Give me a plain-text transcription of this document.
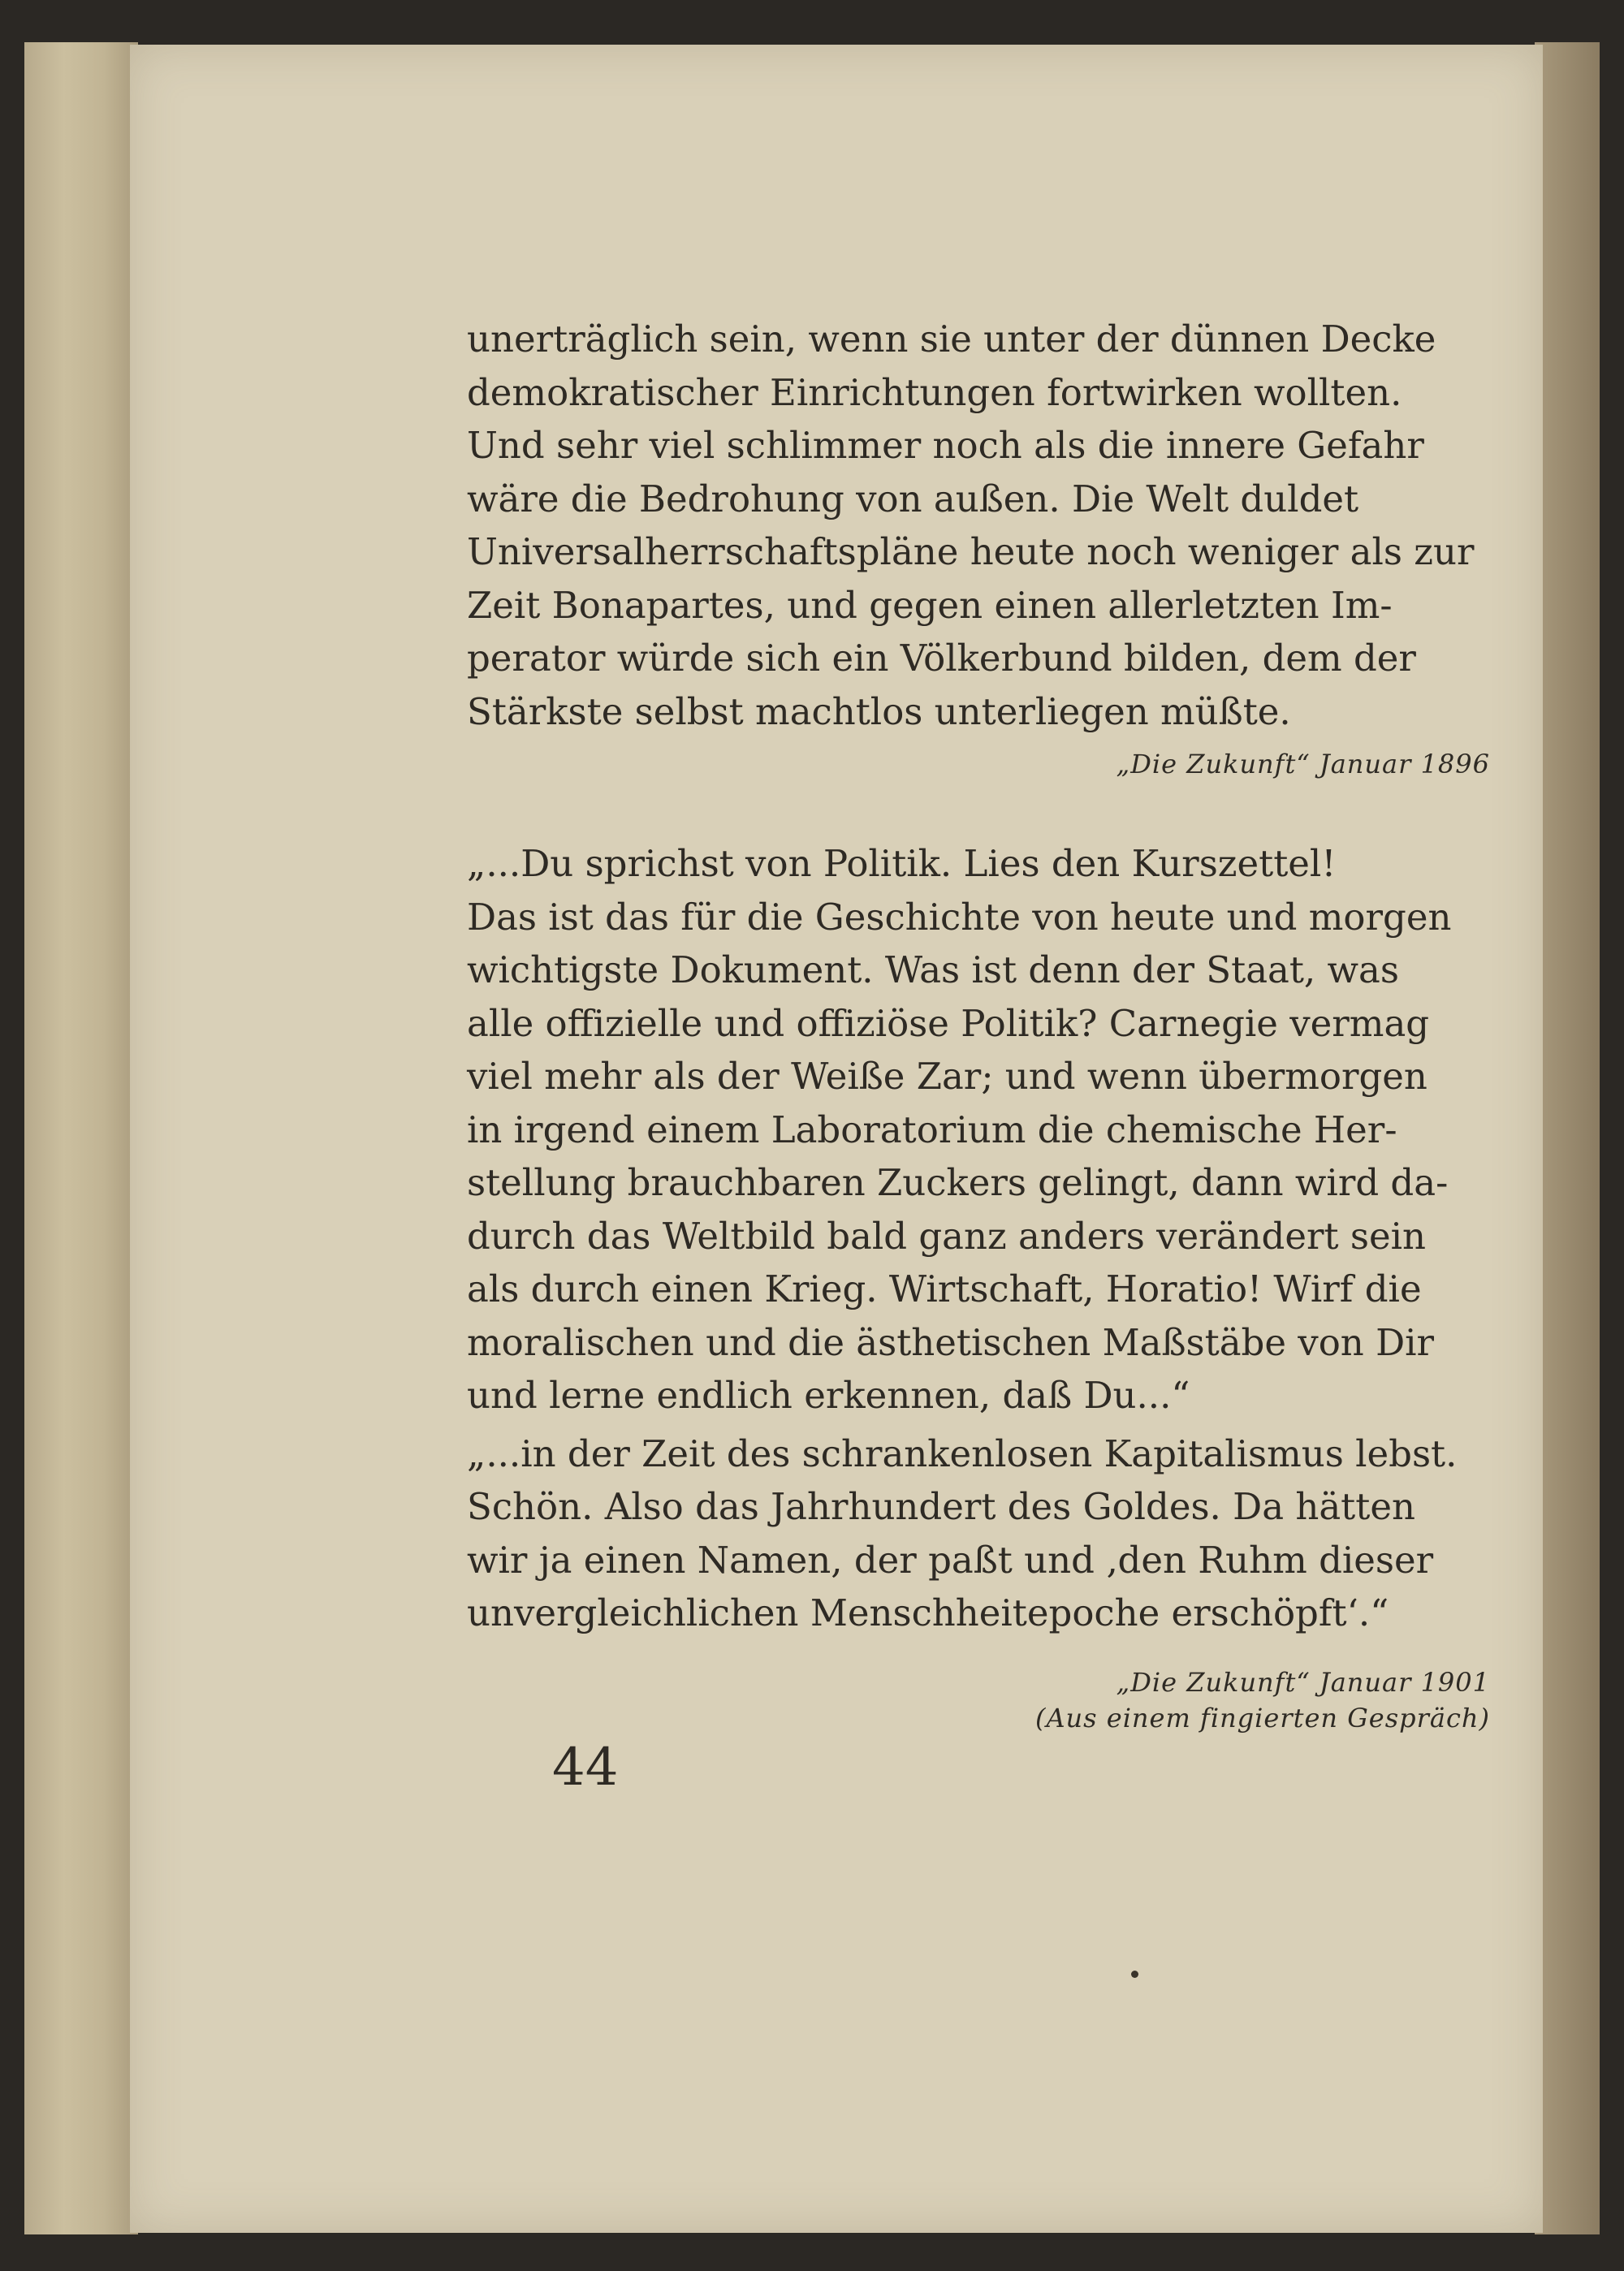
unerträglich sein, wenn sie unter der dünnen Decke
demokratischer Einrichtungen fortwirken wollten.
Und sehr viel schlimmer noch als die innere Gefahr
wäre die Bedrohung von außen. Die Welt duldet
Universalherrschaftspläne heute noch weniger als zur
Zeit Bonapartes, und gegen einen allerletzten Im-
perator würde sich ein Völkerbund bilden, dem der
Stärkste selbst machtlos unterliegen müßte.

„Die Zukunft“ Januar 1896

„...Du sprichst von Politik. Lies den Kurszettel!
Das ist das für die Geschichte von heute und morgen
wichtigste Dokument. Was ist denn der Staat, was
alle offizielle und offiziöse Politik? Carnegie vermag
viel mehr als der Weiße Zar; und wenn übermorgen
in irgend einem Laboratorium die chemische Her-
stellung brauchbaren Zuckers gelingt, dann wird da-
durch das Weltbild bald ganz anders verändert sein
als durch einen Krieg. Wirtschaft, Horatio! Wirf die
moralischen und die ästhetischen Maßstäbe von Dir
und lerne endlich erkennen, daß Du...“

„...in der Zeit des schrankenlosen Kapitalismus lebst.
Schön. Also das Jahrhundert des Goldes. Da hätten
wir ja einen Namen, der paßt und ‚den Ruhm dieser
unvergleichlichen Menschheitepoche erschöpft‘.“

„Die Zukunft“ Januar 1901

(Aus einem fingierten Gespräch)

44
